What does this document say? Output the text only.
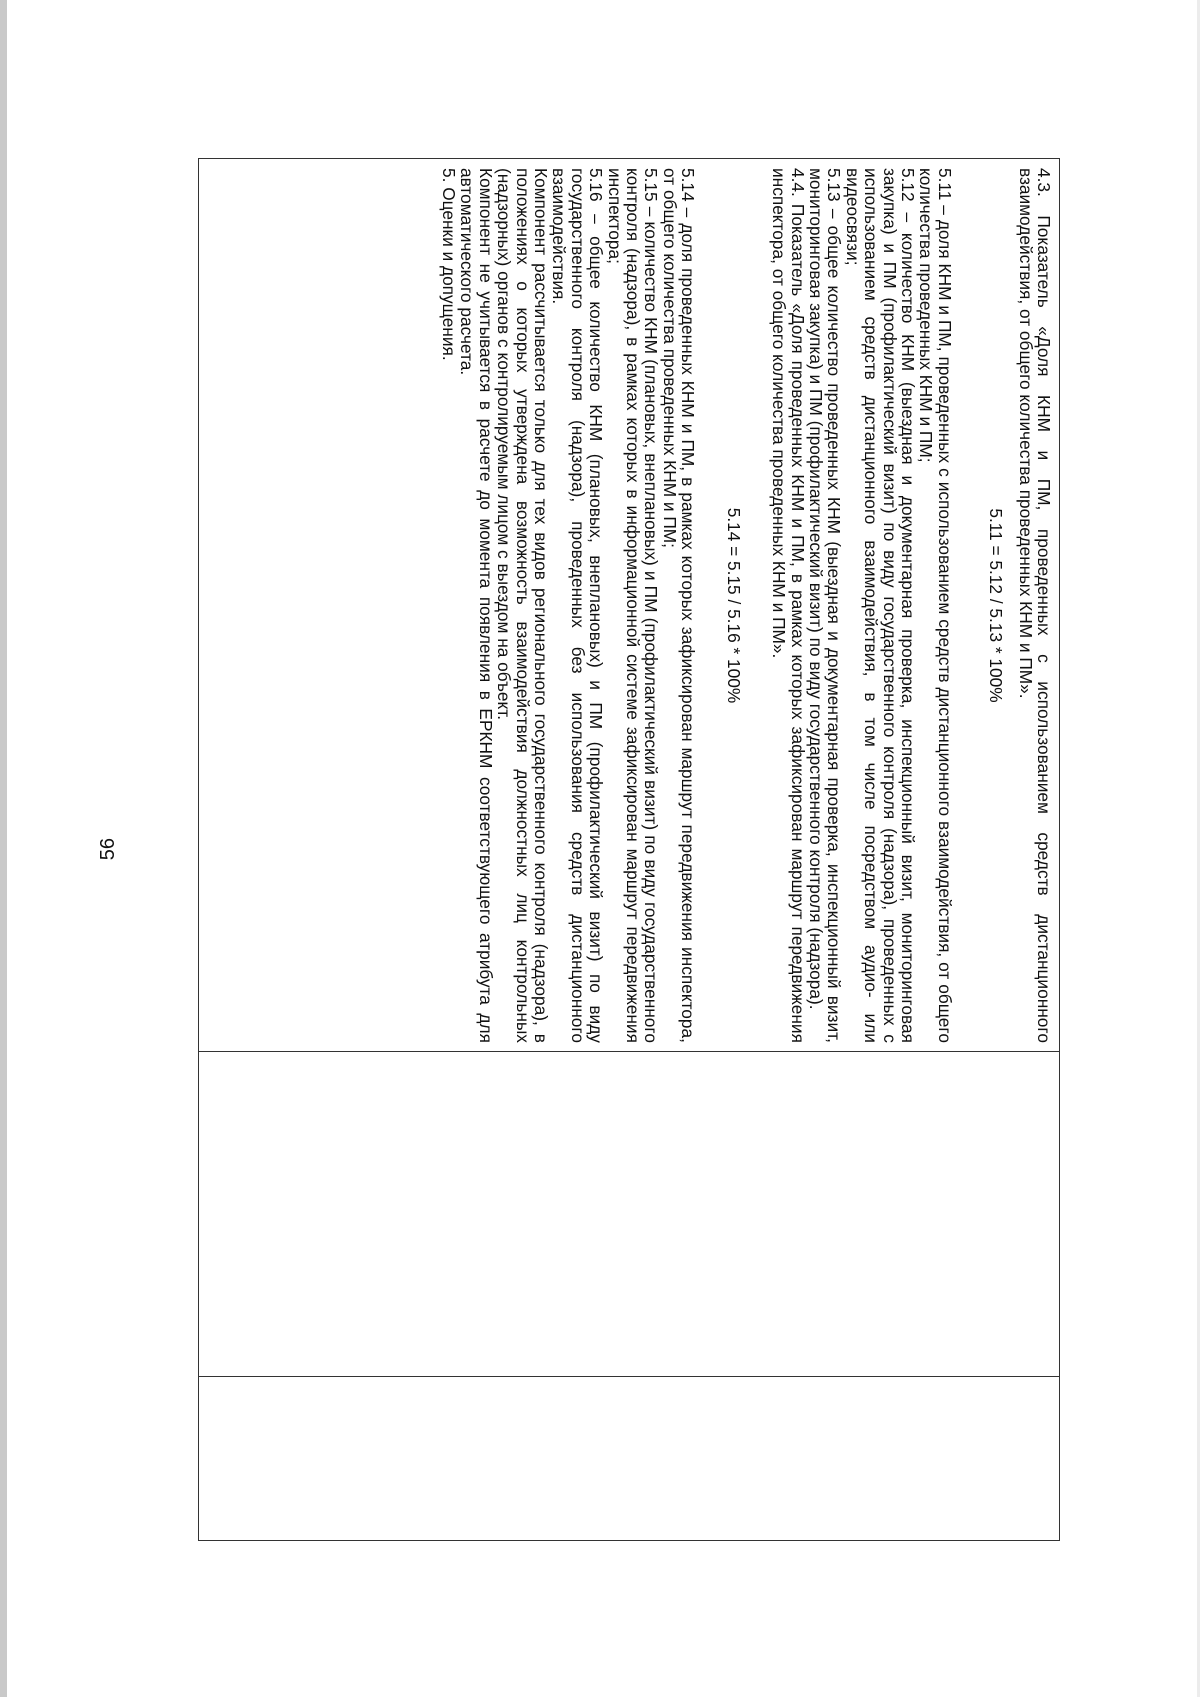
56	4.3. Показатель «Доля КНМ и ПМ, проведенных с использованием средств дистанционного взаимодействия, от общего количества проведенных КНМ и ПМ».

5.11 = 5.12 / 5.13 * 100%

5.11 – доля КНМ и ПМ, проведенных с использованием средств дистанционного взаимодействия, от общего количества проведенных КНМ и ПМ;

5.12 – количество КНМ (выездная и документарная проверка, инспекционный визит, мониторинговая закупка) и ПМ (профилактический визит) по виду государственного контроля (надзора), проведенных с использованием средств дистанционного взаимодействия, в том числе посредством аудио- или видеосвязи;

5.13 – общее количество проведенных КНМ (выездная и документарная проверка, инспекционный визит, мониторинговая закупка) и ПМ (профилактический визит) по виду государственного контроля (надзора).

4.4. Показатель «Доля проведенных КНМ и ПМ, в рамках которых зафиксирован маршрут передвижения инспектора, от общего количества проведенных КНМ и ПМ».

5.14 = 5.15 / 5.16 * 100%

5.14 – доля проведенных КНМ и ПМ, в рамках которых зафиксирован маршрут передвижения инспектора, от общего количества проведенных КНМ и ПМ;

5.15 – количество КНМ (плановых, внеплановых) и ПМ (профилактический визит) по виду государственного контроля (надзора), в рамках которых в информационной системе зафиксирован маршрут передвижения инспектора;

5.16 – общее количество КНМ (плановых, внеплановых) и ПМ (профилактический визит) по виду государственного контроля (надзора), проведенных без использования средств дистанционного взаимодействия.

Компонент рассчитывается только для тех видов регионального государственного контроля (надзора), в положениях о которых утверждена возможность взаимодействия должностных лиц контрольных (надзорных) органов с контролируемым лицом с выездом на объект.

Компонент не учитывается в расчете до момента появления в ЕРКНМ соответствующего атрибута для автоматического расчета.

5. Оценки и допущения.
